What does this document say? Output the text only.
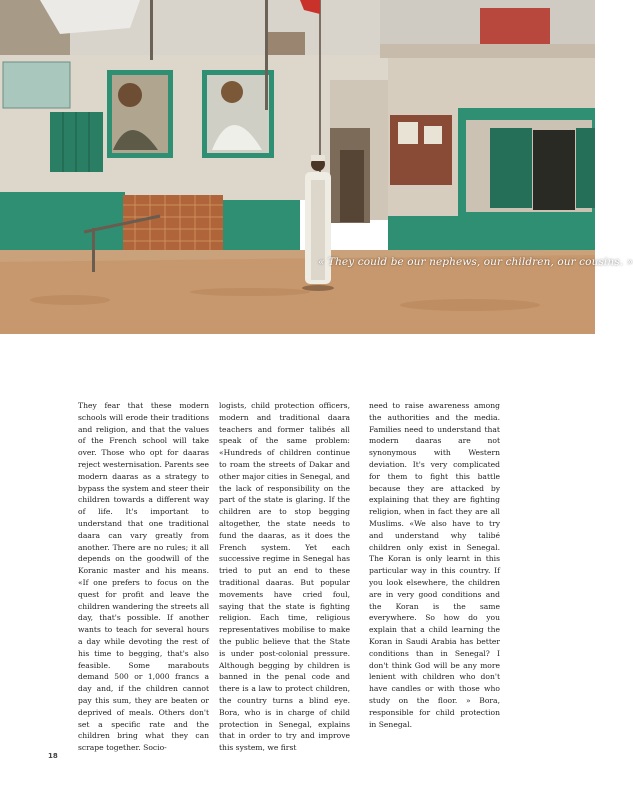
« They could be our nephews, our children, our cousins. »

They fear that these modern schools will erode their traditions and religion, and that the values of the French school will take over. Those who opt for daaras reject westernisation. Parents see modern daaras as a strategy to bypass the system and steer their children towards a different way of life. It's important to understand that one traditional daara can vary greatly from another. There are no rules; it all depends on the goodwill of the Koranic master and his means. «If one prefers to focus on the quest for profit and leave the children wandering the streets all day, that's possible. If another wants to teach for several hours a day while devoting the rest of his time to begging, that's also feasible. Some marabouts demand 500 or 1,000 francs a day and, if the children cannot pay this sum, they are beaten or deprived of meals. Others don't set a specific rate and the children bring what they can scrape together. Socio-

logists, child protection officers, modern and traditional daara teachers and former talibés all speak of the same problem: «Hundreds of children continue to roam the streets of Dakar and other major cities in Senegal, and the lack of responsibility on the part of the state is glaring. If the children are to stop begging altogether, the state needs to fund the daaras, as it does the French system. Yet each successive regime in Senegal has tried to put an end to these traditional daaras. But popular movements have cried foul, saying that the state is fighting religion. Each time, religious representatives mobilise to make the public believe that the State is under post-colonial pressure. Although begging by children is banned in the penal code and there is a law to protect children, the country turns a blind eye. Bora, who is in charge of child protection in Senegal, explains that in order to try and improve this system, we first

need to raise awareness among the authorities and the media. Families need to understand that modern daaras are not synonymous with Western deviation. It's very complicated for them to fight this battle because they are attacked by explaining that they are fighting religion, when in fact they are all Muslims. «We also have to try and understand why talibé children only exist in Senegal. The Koran is only learnt in this particular way in this country. If you look elsewhere, the children are in very good conditions and the Koran is the same everywhere. So how do you explain that a child learning the Koran in Saudi Arabia has better conditions than in Senegal? I don't think God will be any more lenient with children who don't have candles or with those who study on the floor. » Bora, responsible for child protection in Senegal.

18
